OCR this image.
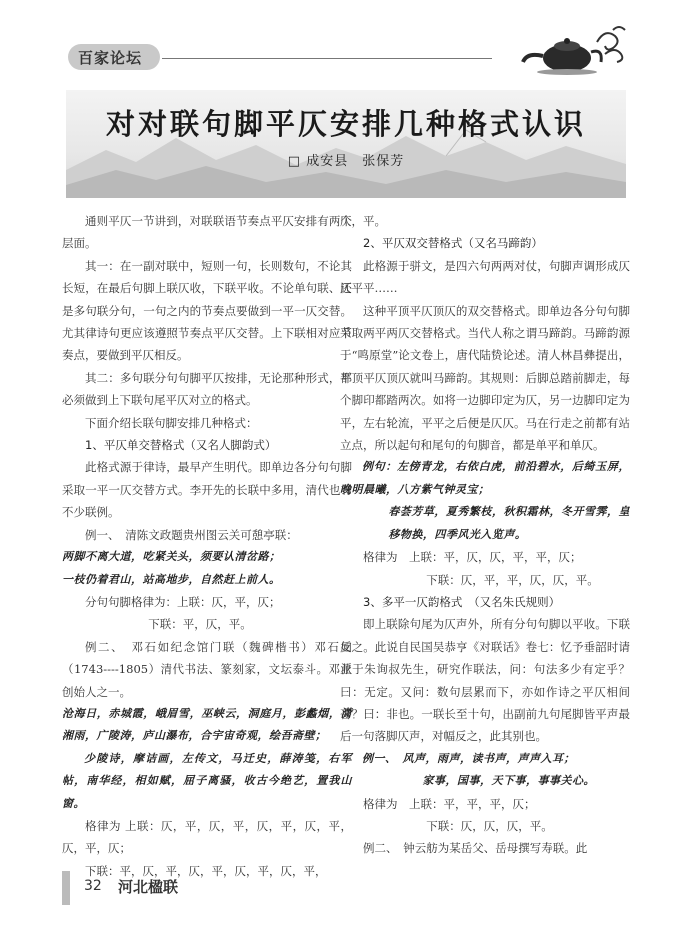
百家论坛
对对联句脚平仄安排几种格式认识
□ 成安县　张保芳

通则平仄一节讲到，对联联语节奏点平仄安排有两个层面。

其一：在一副对联中，短则一句，长则数句，不论其长短，在最后句脚上联仄收，下联平收。不论单句联、还是多句联分句，一句之内的节奏点要做到一平一仄交替。尤其律诗句更应该遵照节奏点平仄交替。上下联相对应节奏点，要做到平仄相反。

其二：多句联分句句脚平仄按排，无论那种形式，都必须做到上下联句尾平仄对立的格式。

下面介绍长联句脚安排几种格式：

1、平仄单交替格式（又名人脚韵式）

此格式源于律诗，最早产生明代。即单边各分句句脚采取一平一仄交替方式。李开先的长联中多用，清代也有不少联例。

例一、　清陈文政题贵州图云关可憩亭联：

两脚不离大道，吃紧关头，须要认清岔路；

一枝仍着君山，站高地步，自然赶上前人。

分句句脚格律为：上联：仄，平，仄；

下联：平，仄，平。

例二、　邓石如纪念馆门联（魏碑楷书）邓石如（1743----1805）清代书法、篆刻家，文坛泰斗。邓派创始人之一。

沧海日，赤城霞，峨眉雪，巫峡云，洞庭月，彭蠡烟，潇湘雨，广陵涛，庐山瀑布，合宇宙奇观，绘吾斋壁；

少陵诗，摩诘画，左传文，马迁史，薛涛笺，右军帖，南华经，相如赋，屈子离骚，收古今绝艺，置我山窗。

格律为 上联：仄，平，仄，平，仄，平，仄，平，仄，平，仄；

下联：平，仄，平，仄，平，仄，平，仄，平，

仄，平。

2、平仄双交替格式（又名马蹄韵）

此格源于骈文，是四六句两两对仗，句脚声调形成仄仄平平……

这种平顶平仄顶仄的双交替格式。即单边各分句句脚采取两平两仄交替格式。当代人称之谓马蹄韵。马蹄韵源于“鸣原堂”论文卷上，唐代陆贽论述。清人林昌彝提出，平顶平仄顶仄就叫马蹄韵。其规则：后脚总踏前脚走，每个脚印都踏两次。如将一边脚印定为仄，另一边脚印定为平，左右轮流，平平之后便是仄仄。马在行走之前都有站立点，所以起句和尾句的句脚音，都是单平和单仄。

例句：左傍青龙，右依白虎，前沿碧水，后绮玉屏，晚明晨曦，八方紫气钟灵宝；

春荟芳草，夏秀繁枝，秋积霜林，冬开雪霁，皇移物换，四季风光入览声。

格律为　上联：平，仄，仄，平，平，仄；

下联：仄，平，平，仄，仄，平。

3、多平一仄韵格式　（又名朱氏规则）

即上联除句尾为仄声外，所有分句句脚以平收。下联反之。此说自民国吴恭亨《对联话》卷七：忆予垂韶时请业于朱询叔先生，研究作联法，问：句法多少有定乎？曰：无定。又问：数句层累而下，亦如作诗之平仄相间否？曰：非也。一联长至十句，出副前九句尾脚皆平声最后一句落脚仄声，对幅反之，此其别也。

例一、　风声，雨声，读书声，声声入耳；

家事，国事，天下事，事事关心。

格律为　上联：平，平，平，仄；

下联：仄，仄，仄，平。

例二、　钟云舫为某岳父、岳母撰写寿联。此

32 河北楹联
